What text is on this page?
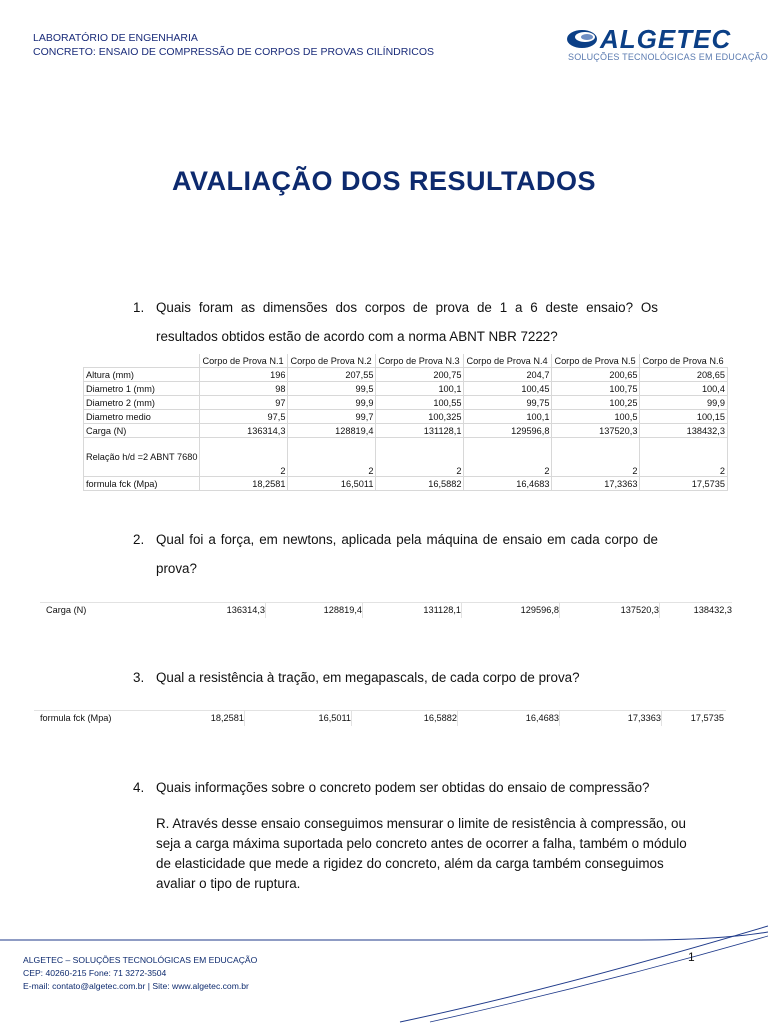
LABORATÓRIO DE ENGENHARIA
CONCRETO: ENSAIO DE COMPRESSÃO DE CORPOS DE PROVAS CILÍNDRICOS	ALGETEC
SOLUÇÕES TECNOLÓGICAS EM EDUCAÇÃO
AVALIAÇÃO DOS RESULTADOS
1. Quais foram as dimensões dos corpos de prova de 1 a 6 deste ensaio? Os resultados obtidos estão de acordo com a norma ABNT NBR 7222?
	Corpo de Prova N.1	Corpo de Prova N.2	Corpo de Prova N.3	Corpo de Prova N.4	Corpo de Prova N.5	Corpo de Prova N.6
Altura (mm)	196	207,55	200,75	204,7	200,65	208,65
Diametro 1 (mm)	98	99,5	100,1	100,45	100,75	100,4
Diametro 2 (mm)	97	99,9	100,55	99,75	100,25	99,9
Diametro medio	97,5	99,7	100,325	100,1	100,5	100,15
Carga (N)	136314,3	128819,4	131128,1	129596,8	137520,3	138432,3
Relação h/d =2 ABNT 7680	2	2	2	2	2	2
formula fck (Mpa)	18,2581	16,5011	16,5882	16,4683	17,3363	17,5735
2. Qual foi a força, em newtons, aplicada pela máquina de ensaio em cada corpo de prova?
Carga (N)	136314,3	128819,4	131128,1	129596,8	137520,3	138432,3
3. Qual a resistência à tração, em megapascals, de cada corpo de prova?
formula fck (Mpa)	18,2581	16,5011	16,5882	16,4683	17,3363	17,5735
4. Quais informações sobre o concreto podem ser obtidas do ensaio de compressão?
R. Através desse ensaio conseguimos mensurar o limite de resistência à compressão, ou seja a carga máxima suportada pelo concreto antes de ocorrer a falha, também o módulo de elasticidade que mede a rigidez do concreto, além da carga também conseguimos avaliar o tipo de ruptura.
ALGETEC – SOLUÇÕES TECNOLÓGICAS EM EDUCAÇÃO
CEP: 40260-215 Fone: 71 3272-3504
E-mail: contato@algetec.com.br | Site: www.algetec.com.br
1
